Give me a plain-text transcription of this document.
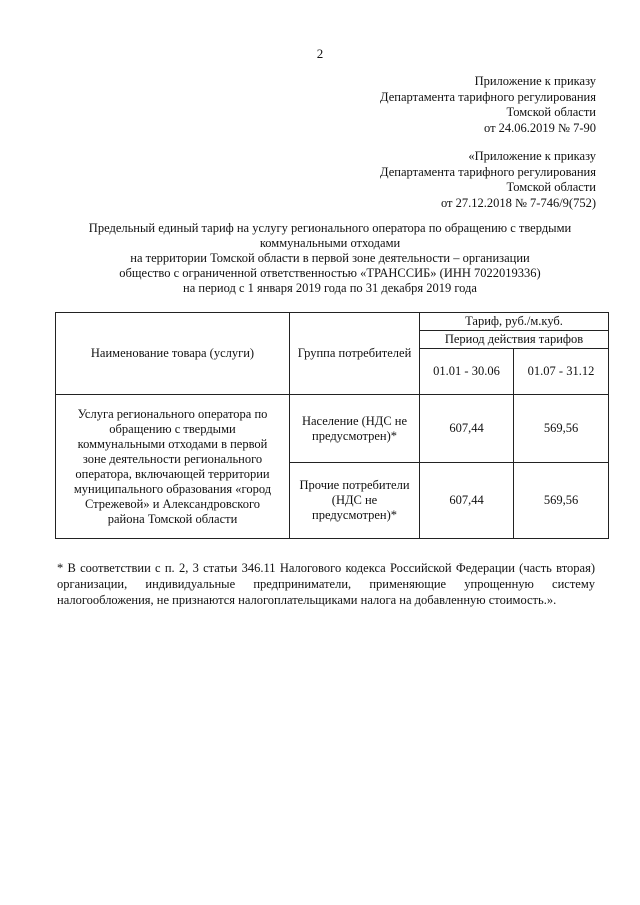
2
Приложение к приказу
Департамента тарифного регулирования
Томской области
от 24.06.2019 № 7-90
«Приложение к приказу
Департамента тарифного регулирования
Томской области
от 27.12.2018 № 7-746/9(752)
Предельный единый тариф на услугу регионального оператора по обращению с твердыми
коммунальными отходами
на территории Томской области в первой зоне деятельности – организации
общество с ограниченной ответственностью «ТРАНССИБ» (ИНН 7022019336)
на период с 1 января 2019 года по 31 декабря 2019 года
Наименование товара (услуги)	Группа потребителей	Тариф, руб./м.куб.	
		Период действия тарифов	
		01.01 - 30.06	01.07 - 31.12
Услуга регионального оператора по обращению с твердыми коммунальными отходами в первой зоне деятельности регионального оператора, включающей территории муниципального образования «город Стрежевой» и Александровского района Томской области	Население (НДС не предусмотрен)*	607,44	569,56
	Прочие потребители (НДС не предусмотрен)*	607,44	569,56
* В соответствии с п. 2, 3 статьи 346.11 Налогового кодекса Российской Федерации (часть вторая) организации, индивидуальные предприниматели, применяющие упрощенную систему налогообложения, не признаются налогоплательщиками налога на добавленную стоимость.».
